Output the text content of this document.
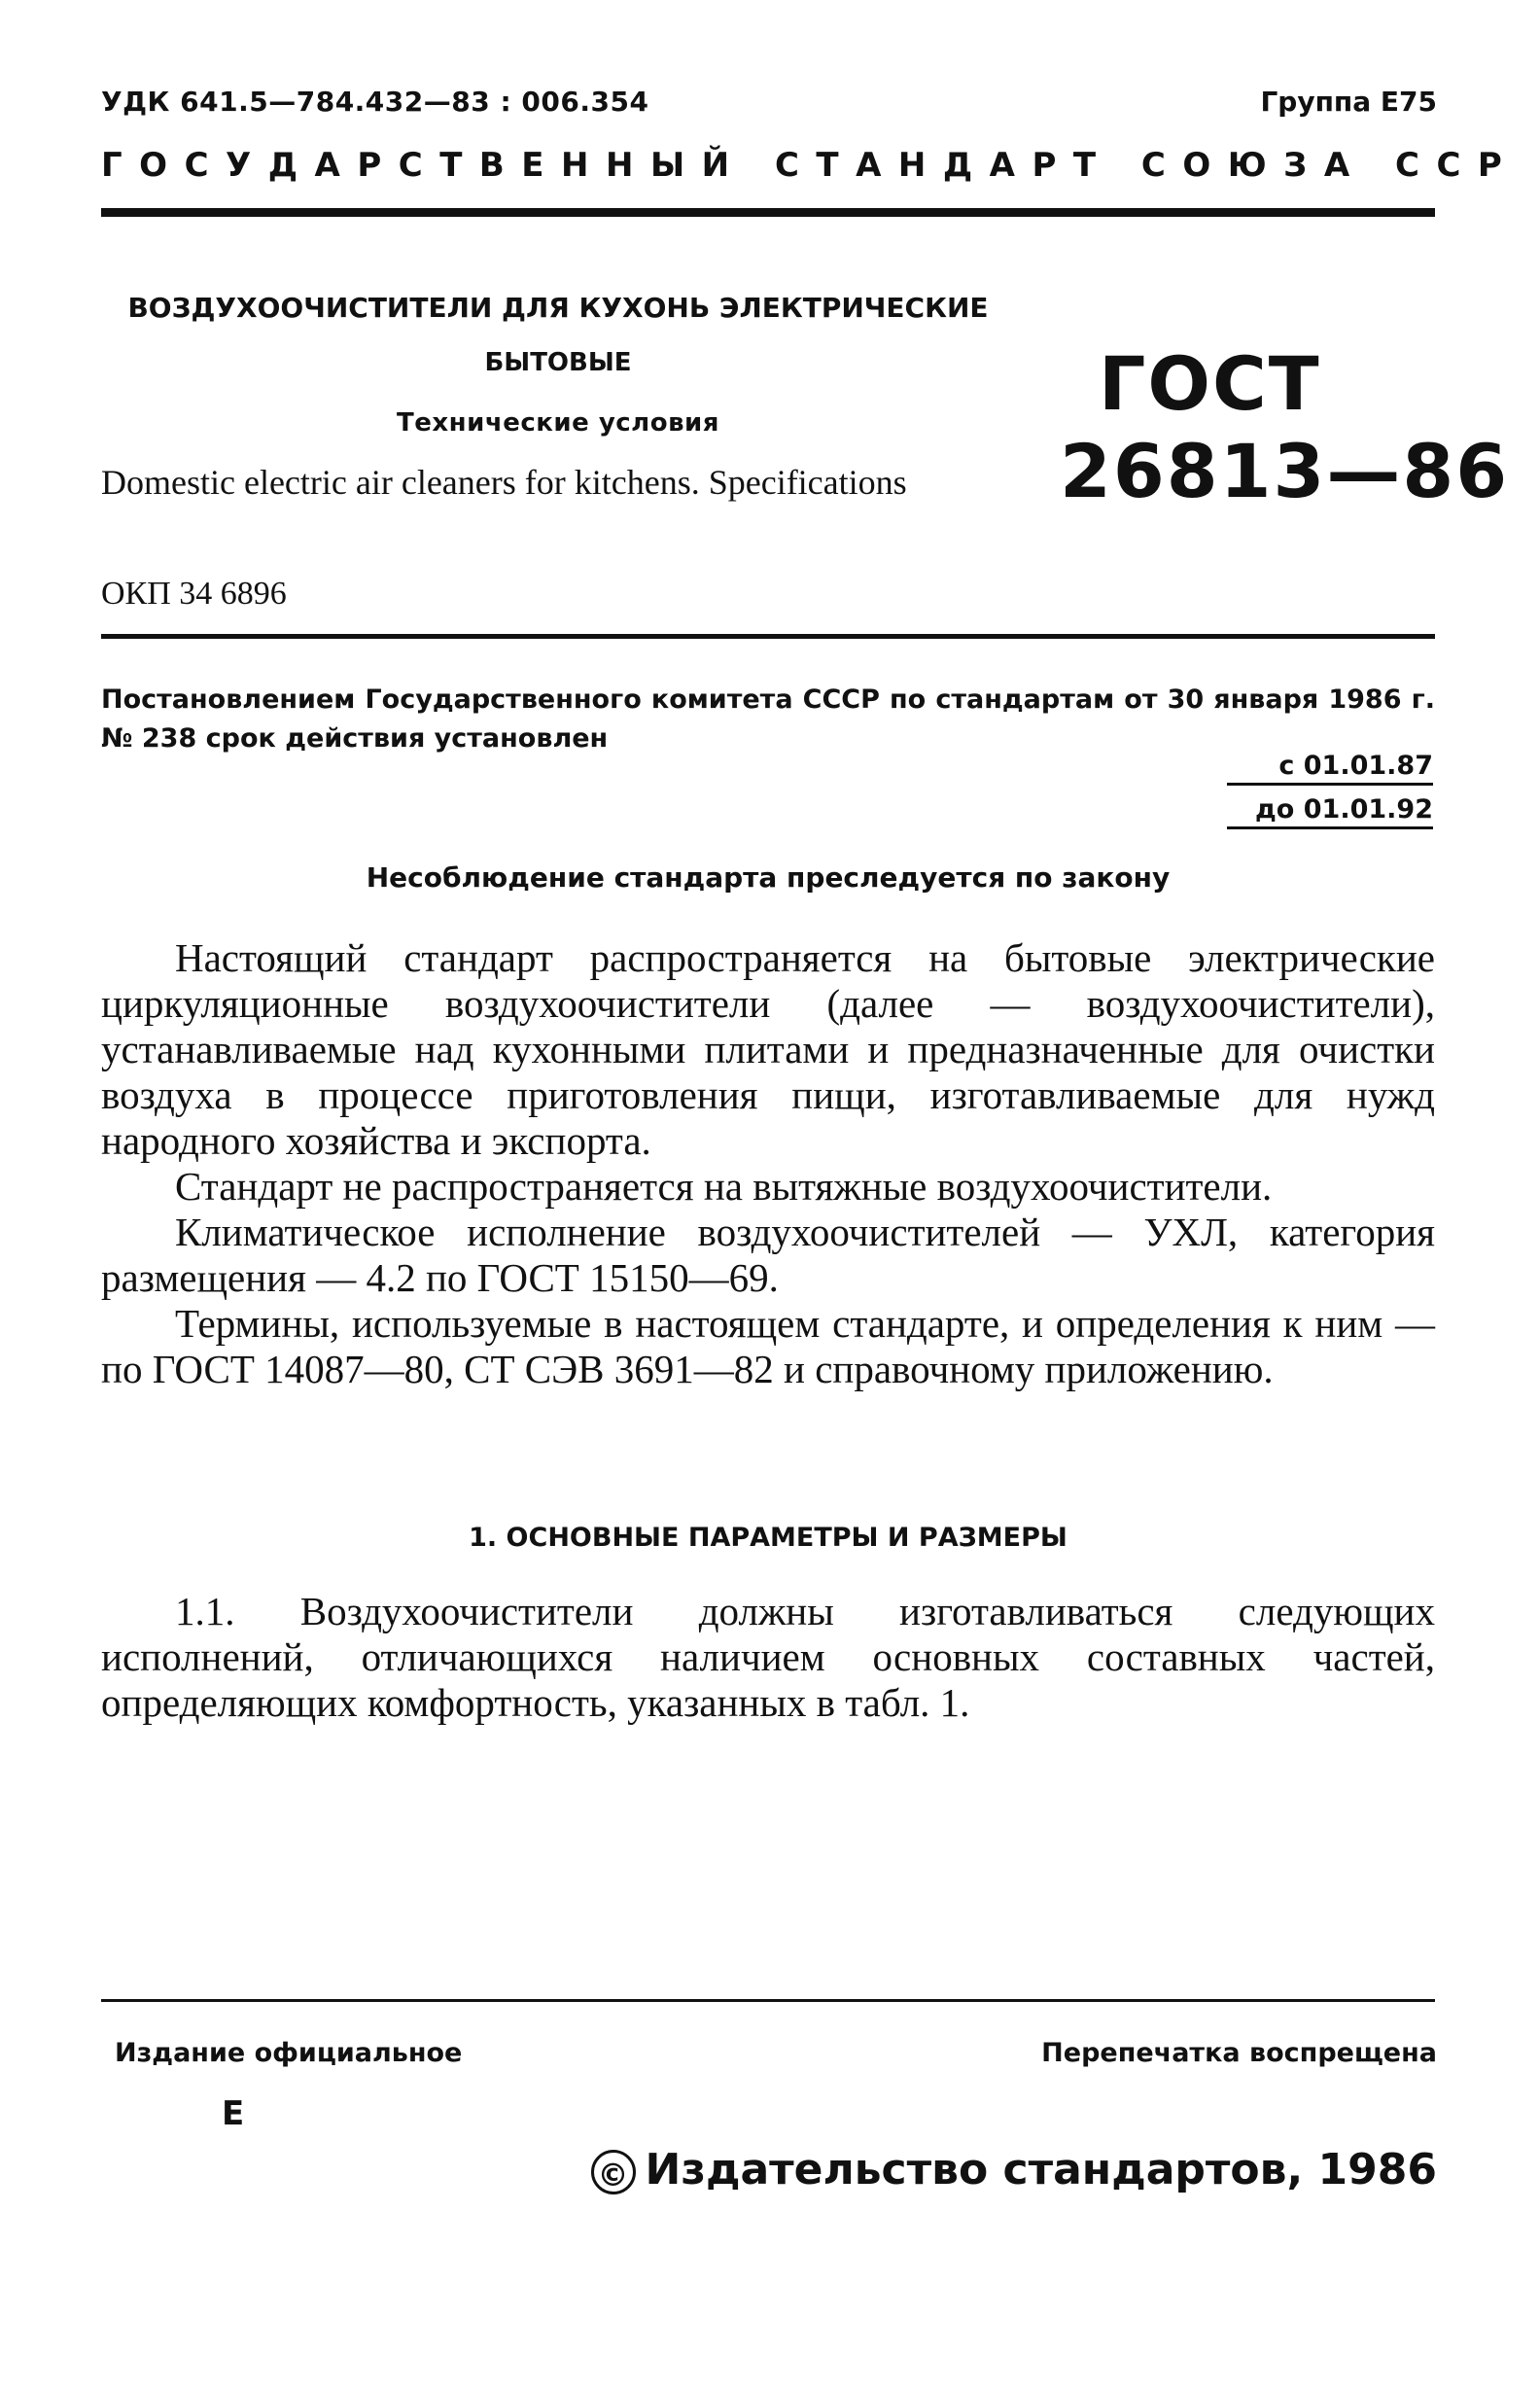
УДК 641.5—784.432—83 : 006.354	Группа Е75
ГОСУДАРСТВЕННЫЙ СТАНДАРТ СОЮЗА ССР
ВОЗДУХООЧИСТИТЕЛИ ДЛЯ КУХОНЬ ЭЛЕКТРИЧЕСКИЕ
БЫТОВЫЕ
Технические условия
Domestic electric air cleaners for kitchens. Specifications
ГОСТ
26813—86
ОКП 34 6896
Постановлением Государственного комитета СССР по стандартам от 30 января 1986 г. № 238 срок действия установлен
с 01.01.87
до 01.01.92
Несоблюдение стандарта преследуется по закону

Настоящий стандарт распространяется на бытовые электрические циркуляционные воздухоочистители (далее — воздухоочистители), устанавливаемые над кухонными плитами и предназначенные для очистки воздуха в процессе приготовления пищи, изготавливаемые для нужд народного хозяйства и экспорта.

Стандарт не распространяется на вытяжные воздухоочистители.

Климатическое исполнение воздухоочистителей — УХЛ, категория размещения — 4.2 по ГОСТ 15150—69.

Термины, используемые в настоящем стандарте, и определения к ним — по ГОСТ 14087—80, СТ СЭВ 3691—82 и справочному приложению.

1. ОСНОВНЫЕ ПАРАМЕТРЫ И РАЗМЕРЫ

1.1. Воздухоочистители должны изготавливаться следующих исполнений, отличающихся наличием основных составных частей, определяющих комфортность, указанных в табл. 1.

Издание официальное	Перепечатка воспрещена
Е
© Издательство стандартов, 1986
